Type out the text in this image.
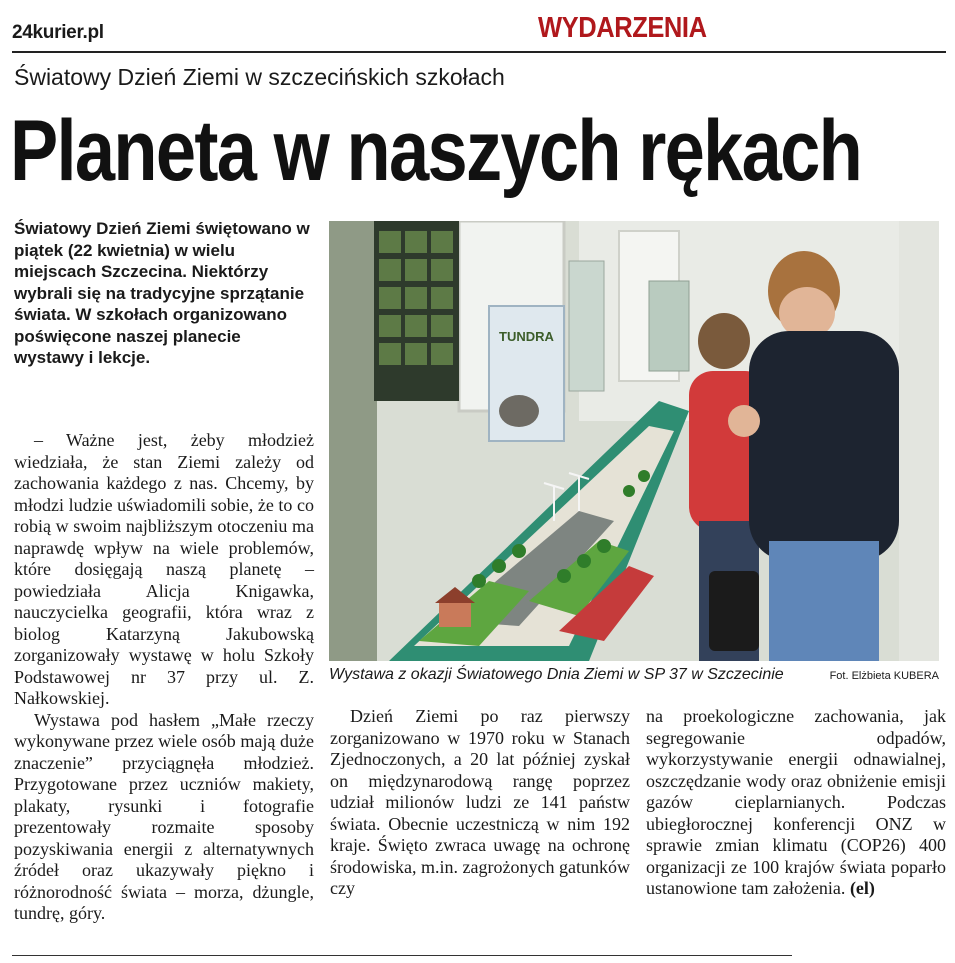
24kurier.pl	WYDARZENIA
Światowy Dzień Ziemi w szczecińskich szkołach
Planeta w naszych rękach
Światowy Dzień Ziemi świętowano w piątek (22 kwietnia) w wielu miejscach Szczecina. Niektórzy wybrali się na tradycyjne sprzątanie świata. W szkołach organizowano poświęcone naszej planecie wystawy i lekcje.

– Ważne jest, żeby młodzież wiedziała, że stan Ziemi zależy od zachowania każdego z nas. Chcemy, by młodzi ludzie uświadomili sobie, że to co robią w swoim najbliższym otoczeniu ma naprawdę wpływ na wiele problemów, które dosięgają naszą planetę – powiedziała Alicja Knigawka, nauczycielka geografii, która wraz z biolog Katarzyną Jakubowską zorganizowały wystawę w holu Szkoły Podstawowej nr 37 przy ul. Z. Nałkowskiej.

Wystawa pod hasłem „Małe rzeczy wykonywane przez wiele osób mają duże znaczenie” przyciągnęła młodzież. Przygotowane przez uczniów makiety, plakaty, rysunki i fotografie prezentowały rozmaite sposoby pozyskiwania energii z alternatywnych źródeł oraz ukazywały piękno i różnorodność świata – morza, dżungle, tundrę, góry.

TUNDRA
Wystawa z okazji Światowego Dnia Ziemi w SP 37 w Szczecinie	Fot. Elżbieta KUBERA

Dzień Ziemi po raz pierwszy zorganizowano w 1970 roku w Stanach Zjednoczonych, a 20 lat później zyskał on międzynarodową rangę poprzez udział milionów ludzi ze 141 państw świata. Obecnie uczestniczą w nim 192 kraje. Święto zwraca uwagę na ochronę środowiska, m.in. zagrożonych gatunków czy

na proekologiczne zachowania, jak segregowanie odpadów, wykorzystywanie energii odnawialnej, oszczędzanie wody oraz obniżenie emisji gazów cieplarnianych. Podczas ubiegłorocznej konferencji ONZ w sprawie zmian klimatu (COP26) 400 organizacji ze 100 krajów świata poparło ustanowione tam założenia. (el)
